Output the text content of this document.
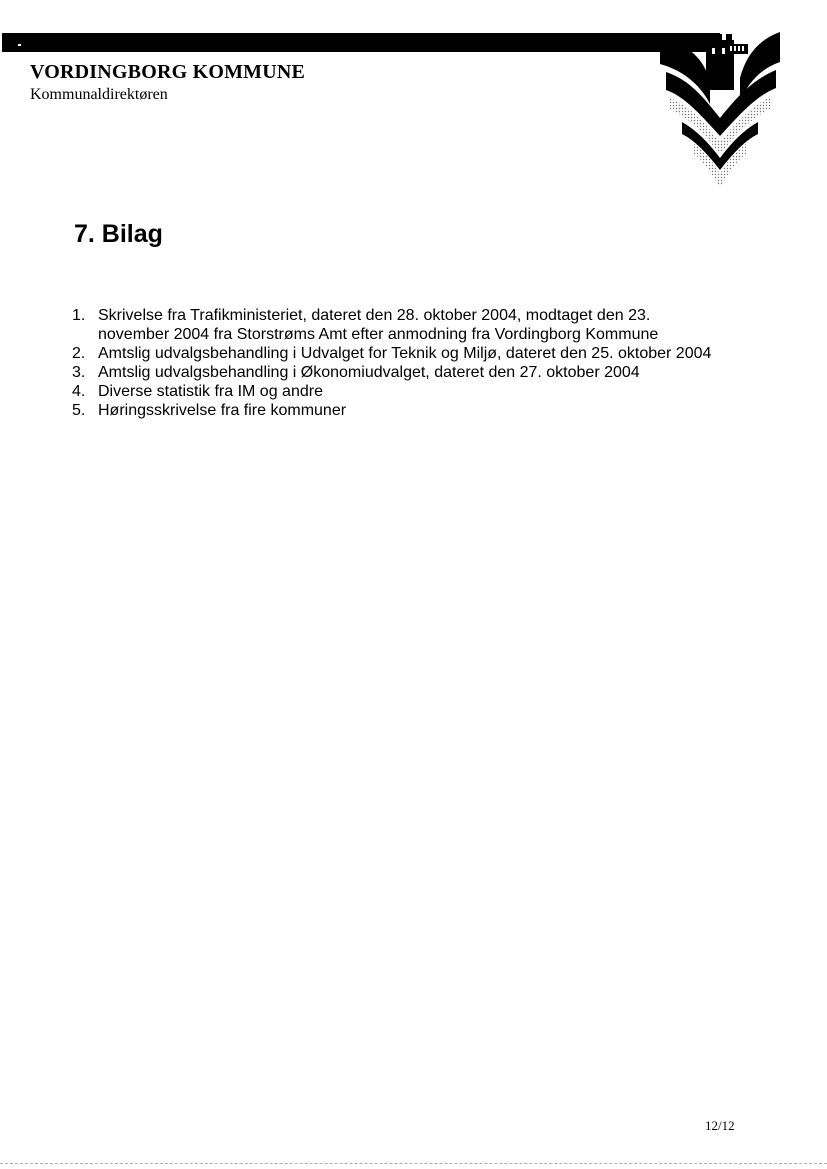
VORDINGBORG KOMMUNE
Kommunaldirektøren
7. Bilag
1. Skrivelse fra Trafikministeriet, dateret den 28. oktober 2004, modtaget den 23. november 2004 fra Storstrøms Amt efter anmodning fra Vordingborg Kommune
2. Amtslig udvalgsbehandling i Udvalget for Teknik og Miljø, dateret den 25. oktober 2004
3. Amtslig udvalgsbehandling i Økonomiudvalget, dateret den 27. oktober 2004
4. Diverse statistik fra IM og andre
5. Høringsskrivelse fra fire kommuner
12/12
